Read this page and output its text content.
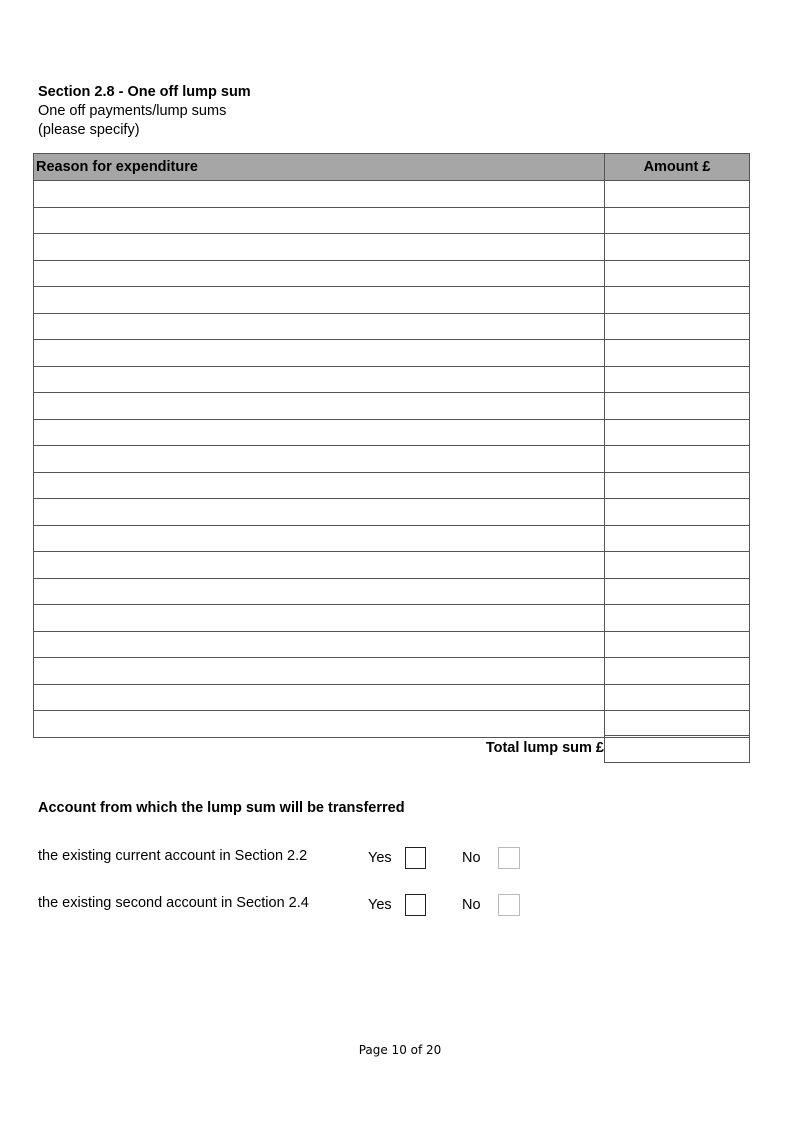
Section 2.8 - One off lump sum
One off payments/lump sums
(please specify)
Reason for expenditure	Amount £

Total lump sum £
Account from which the lump sum will be transferred
the existing current account in Section 2.2	Yes	No
the existing second account in Section 2.4	Yes	No
Page 10 of 20
